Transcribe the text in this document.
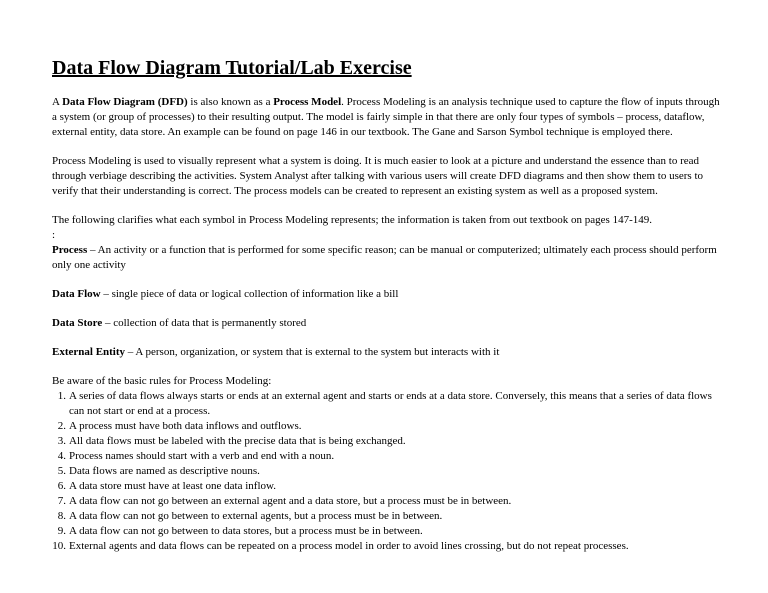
Data Flow Diagram Tutorial/Lab Exercise

A Data Flow Diagram (DFD) is also known as a Process Model. Process Modeling is an analysis technique used to capture the flow of inputs through a system (or group of processes) to their resulting output. The model is fairly simple in that there are only four types of symbols – process, dataflow, external entity, data store. An example can be found on page 146 in our textbook. The Gane and Sarson Symbol technique is employed there.

Process Modeling is used to visually represent what a system is doing. It is much easier to look at a picture and understand the essence than to read through verbiage describing the activities. System Analyst after talking with various users will create DFD diagrams and then show them to users to verify that their understanding is correct. The process models can be created to represent an existing system as well as a proposed system.

The following clarifies what each symbol in Process Modeling represents; the information is taken from out textbook on pages 147-149.

:

Process – An activity or a function that is performed for some specific reason; can be manual or computerized; ultimately each process should perform only one activity

Data Flow – single piece of data or logical collection of information like a bill

Data Store – collection of data that is permanently stored

External Entity – A person, organization, or system that is external to the system but interacts with it

Be aware of the basic rules for Process Modeling:

1. A series of data flows always starts or ends at an external agent and starts or ends at a data store. Conversely, this means that a series of data flows can not start or end at a process.
2. A process must have both data inflows and outflows.
3. All data flows must be labeled with the precise data that is being exchanged.
4. Process names should start with a verb and end with a noun.
5. Data flows are named as descriptive nouns.
6. A data store must have at least one data inflow.
7. A data flow can not go between an external agent and a data store, but a process must be in between.
8. A data flow can not go between to external agents, but a process must be in between.
9. A data flow can not go between to data stores, but a process must be in between.
10. External agents and data flows can be repeated on a process model in order to avoid lines crossing, but do not repeat processes.
